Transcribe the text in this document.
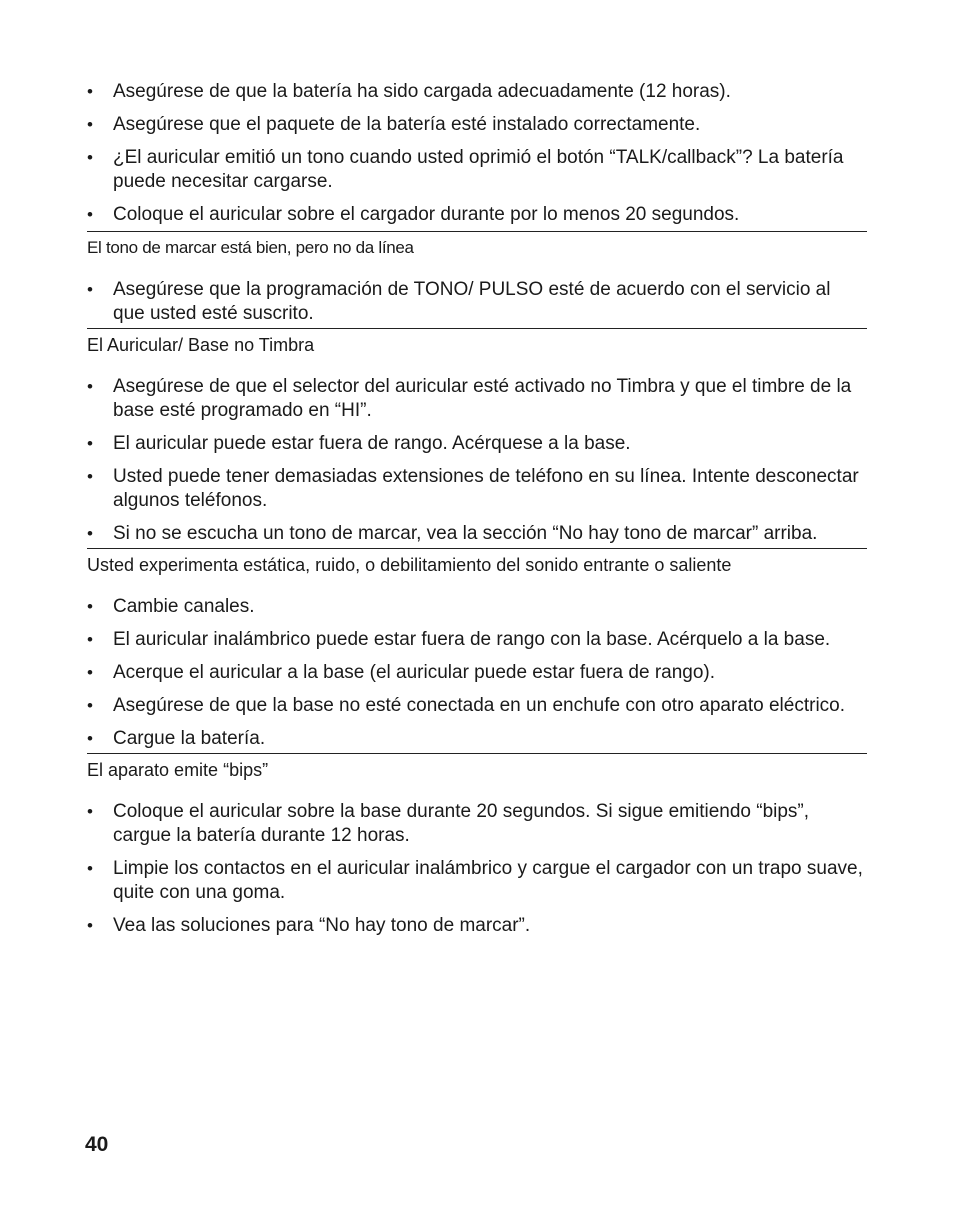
•	Asegúrese de que la batería ha sido cargada adecuadamente (12 horas).
•	Asegúrese que el paquete de la batería esté instalado correctamente.
•	¿El auricular emitió un tono cuando usted oprimió el botón “TALK/callback”? La batería puede necesitar cargarse.
•	Coloque el auricular sobre el cargador durante por lo menos 20 segundos.
El tono de marcar está bien, pero no da línea
•	Asegúrese que la programación de TONO/ PULSO esté de acuerdo con el servicio al que usted esté suscrito.
El Auricular/ Base no Timbra
•	Asegúrese de que el selector del auricular esté activado no Timbra y que el timbre de la base esté programado en “HI”.
•	El auricular puede estar fuera de rango. Acérquese a la base.
•	Usted puede tener demasiadas extensiones de teléfono en su línea. Intente desconectar algunos teléfonos.
•	Si no se escucha un tono de marcar, vea la sección “No hay tono de marcar” arriba.
Usted experimenta estática, ruido, o debilitamiento del sonido entrante o saliente
•	Cambie canales.
•	El auricular inalámbrico puede estar fuera de rango con la base. Acérquelo a la base.
•	Acerque el auricular a la base (el auricular puede estar fuera de rango).
•	Asegúrese de que la base no esté conectada en un enchufe con otro aparato eléctrico.
•	Cargue la batería.
El aparato emite “bips”
•	Coloque el auricular sobre la base durante 20 segundos. Si sigue emitiendo “bips”, cargue la batería durante 12 horas.
•	Limpie los contactos en el auricular inalámbrico y cargue el cargador con un trapo suave, quite con una goma.
•	Vea las soluciones para “No hay tono de marcar”.
40
